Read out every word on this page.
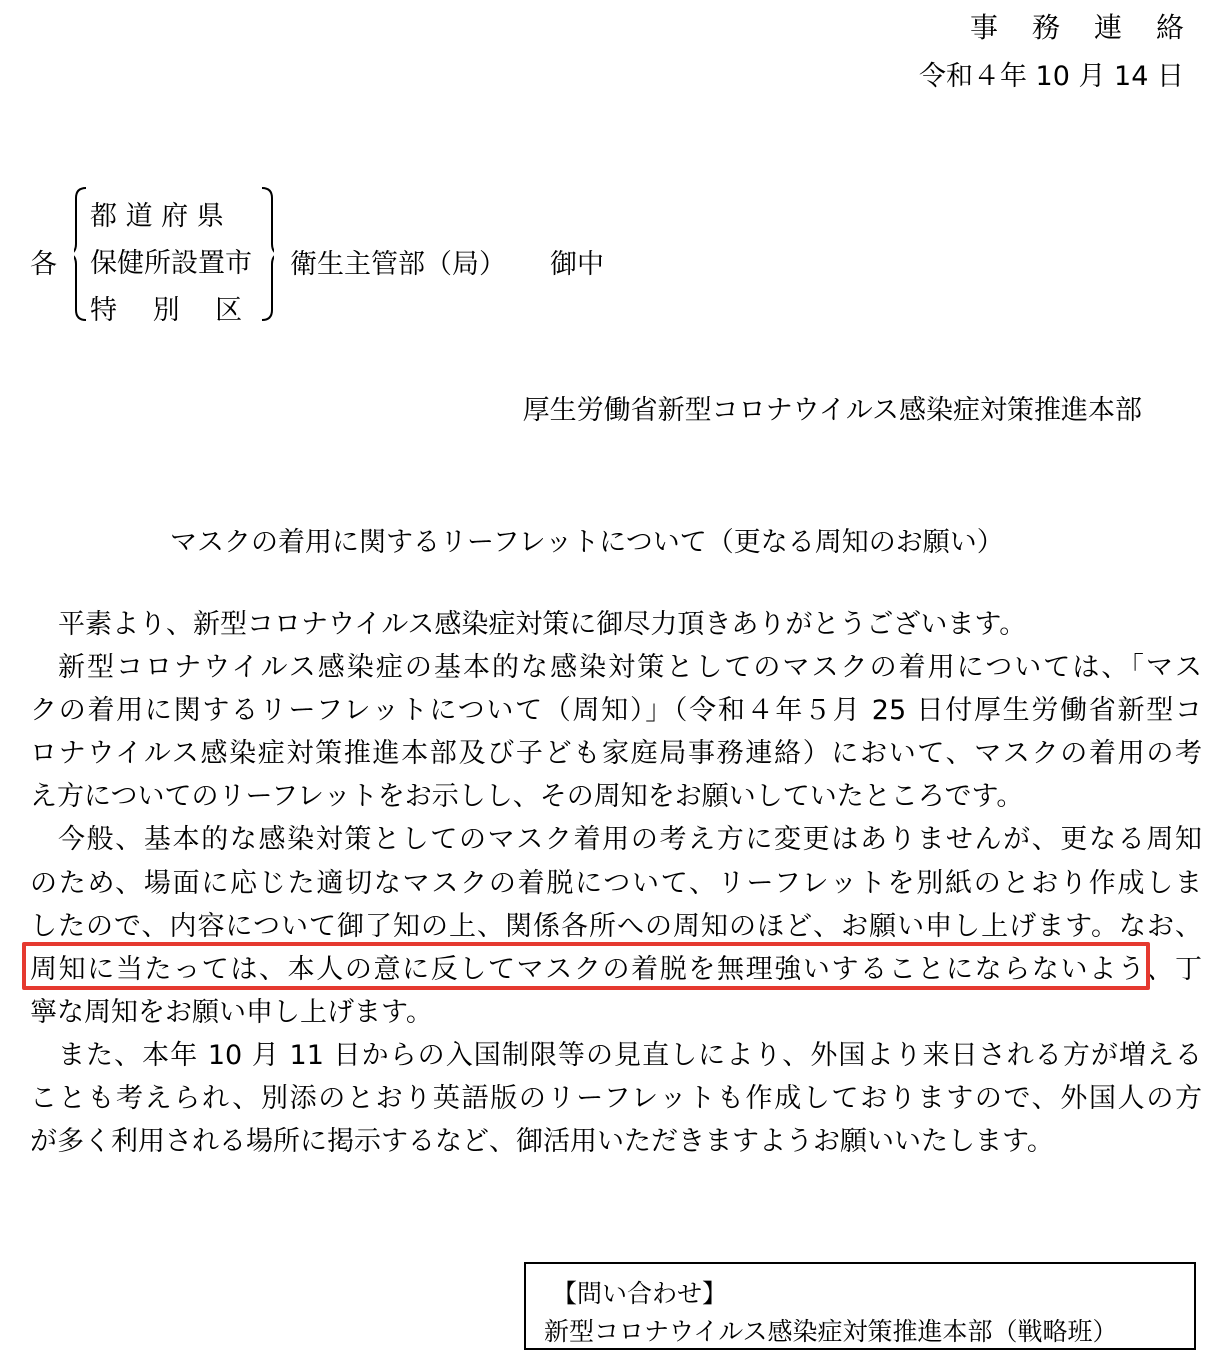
事 務 連 絡
令和４年 10 月 14 日
各
都 道 府 県
保健所設置市
特　 別 　区
衛生主管部（局） 御中
厚生労働省新型コロナウイルス感染症対策推進本部
マスクの着用に関するリーフレットについて（更なる周知のお願い）
平素より、新型コロナウイルス感染症対策に御尽力頂きありがとうございます。
新型コロナウイルス感染症の基本的な感染対策としてのマスクの着用については、「マス
クの着用に関するリーフレットについて（周知）」（令和４年５月 25 日付厚生労働省新型コ
ロナウイルス感染症対策推進本部及び子ども家庭局事務連絡）において、マスクの着用の考
え方についてのリーフレットをお示しし、その周知をお願いしていたところです。
今般、基本的な感染対策としてのマスク着用の考え方に変更はありませんが、更なる周知
のため、場面に応じた適切なマスクの着脱について、リーフレットを別紙のとおり作成しま
したので、内容について御了知の上、関係各所への周知のほど、お願い申し上げます。なお、
周知に当たっては、本人の意に反してマスクの着脱を無理強いすることにならないよう、丁
寧な周知をお願い申し上げます。
また、本年 10 月 11 日からの入国制限等の見直しにより、外国より来日される方が増える
ことも考えられ、別添のとおり英語版のリーフレットも作成しておりますので、外国人の方
が多く利用される場所に掲示するなど、御活用いただきますようお願いいたします。
【問い合わせ】
新型コロナウイルス感染症対策推進本部（戦略班）
